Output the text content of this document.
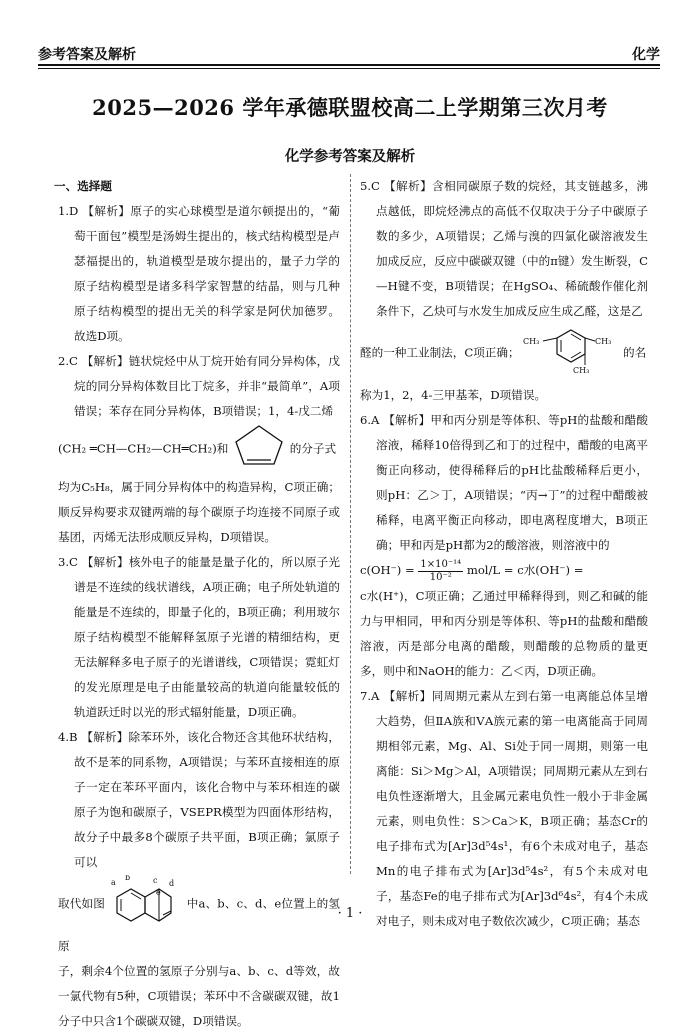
参考答案及解析	化学
2025—2026 学年承德联盟校高二上学期第三次月考
化学参考答案及解析
一、选择题

1.D 【解析】原子的实心球模型是道尔顿提出的，“葡萄干面包”模型是汤姆生提出的，核式结构模型是卢瑟福提出的，轨道模型是玻尔提出的，量子力学的原子结构模型是诸多科学家智慧的结晶，则与几种原子结构模型的提出无关的科学家是阿伏加德罗。故选D项。

2.C 【解析】链状烷烃中从丁烷开始有同分异构体，戊烷的同分异构体数目比丁烷多，并非“最简单”，A项错误；苯存在同分异构体，B项错误；1，4-戊二烯

(CH₂ ═CH—CH₂—CH═CH₂)和	的分子式

均为C₅H₈，属于同分异构体中的构造异构，C项正确；顺反异构要求双键两端的每个碳原子均连接不同原子或基团，丙烯无法形成顺反异构，D项错误。

3.C 【解析】核外电子的能量是量子化的，所以原子光谱是不连续的线状谱线，A项正确；电子所处轨道的能量是不连续的，即量子化的，B项正确；利用玻尔原子结构模型不能解释氢原子光谱的精细结构，更无法解释多电子原子的光谱谱线，C项错误；霓虹灯的发光原理是电子由能量较高的轨道向能量较低的轨道跃迁时以光的形式辐射能量，D项正确。

4.B 【解析】除苯环外，该化合物还含其他环状结构，故不是苯的同系物，A项错误；与苯环直接相连的原子一定在苯环平面内，该化合物中与苯环相连的碳原子为饱和碳原子，VSEPR模型为四面体形结构，故分子中最多8个碳原子共平面，B项正确；氯原子可以

取代如图
a
b	c d
e
中a、b、c、d、e位置上的氢原

子，剩余4个位置的氢原子分别与a、b、c、d等效，故一氯代物有5种，C项错误；苯环中不含碳碳双键，故1分子中只含1个碳碳双键，D项错误。

5.C 【解析】含相同碳原子数的烷烃，其支链越多，沸点越低，即烷烃沸点的高低不仅取决于分子中碳原子数的多少，A项错误；乙烯与溴的四氯化碳溶液发生加成反应，反应中碳碳双键（中的π键）发生断裂，C—H键不变，B项错误；在HgSO₄、稀硫酸作催化剂条件下，乙炔可与水发生加成反应生成乙醛，这是乙

醛的一种工业制法，C项正确；
CH₃	CH₃
CH₃
的名

称为1，2，4-三甲基苯，D项错误。

6.A 【解析】甲和丙分别是等体积、等pH的盐酸和醋酸溶液，稀释10倍得到乙和丁的过程中，醋酸的电离平衡正向移动，使得稀释后的pH比盐酸稀释后更小，则pH：乙＞丁，A项错误；“丙→丁”的过程中醋酸被稀释，电离平衡正向移动，即电离程度增大，B项正确；甲和丙是pH都为2的酸溶液，则溶液中的

$c(OH^-) = \frac{\text{1×10⁻¹⁴}}{\text{10⁻²}} mol/L = c$水(OH⁻) =

c水(H⁺)，C项正确；乙通过甲稀释得到，则乙和碱的能力与甲相同，甲和丙分别是等体积、等pH的盐酸和醋酸溶液，丙是部分电离的醋酸，则醋酸的总物质的量更多，则中和NaOH的能力：乙＜丙，D项正确。

7.A 【解析】同周期元素从左到右第一电离能总体呈增大趋势，但ⅡA族和ⅤA族元素的第一电离能高于同周期相邻元素，Mg、Al、Si处于同一周期，则第一电离能：Si＞Mg＞Al，A项错误；同周期元素从左到右电负性逐渐增大，且金属元素电负性一般小于非金属元素，则电负性：S＞Ca＞K，B项正确；基态Cr的电子排布式为[Ar]3d⁵4s¹，有6个未成对电子，基态Mn的电子排布式为[Ar]3d⁵4s²，有5个未成对电子，基态Fe的电子排布式为[Ar]3d⁶4s²，有4个未成对电子，则未成对电子数依次减少，C项正确；基态

· 1 ·
